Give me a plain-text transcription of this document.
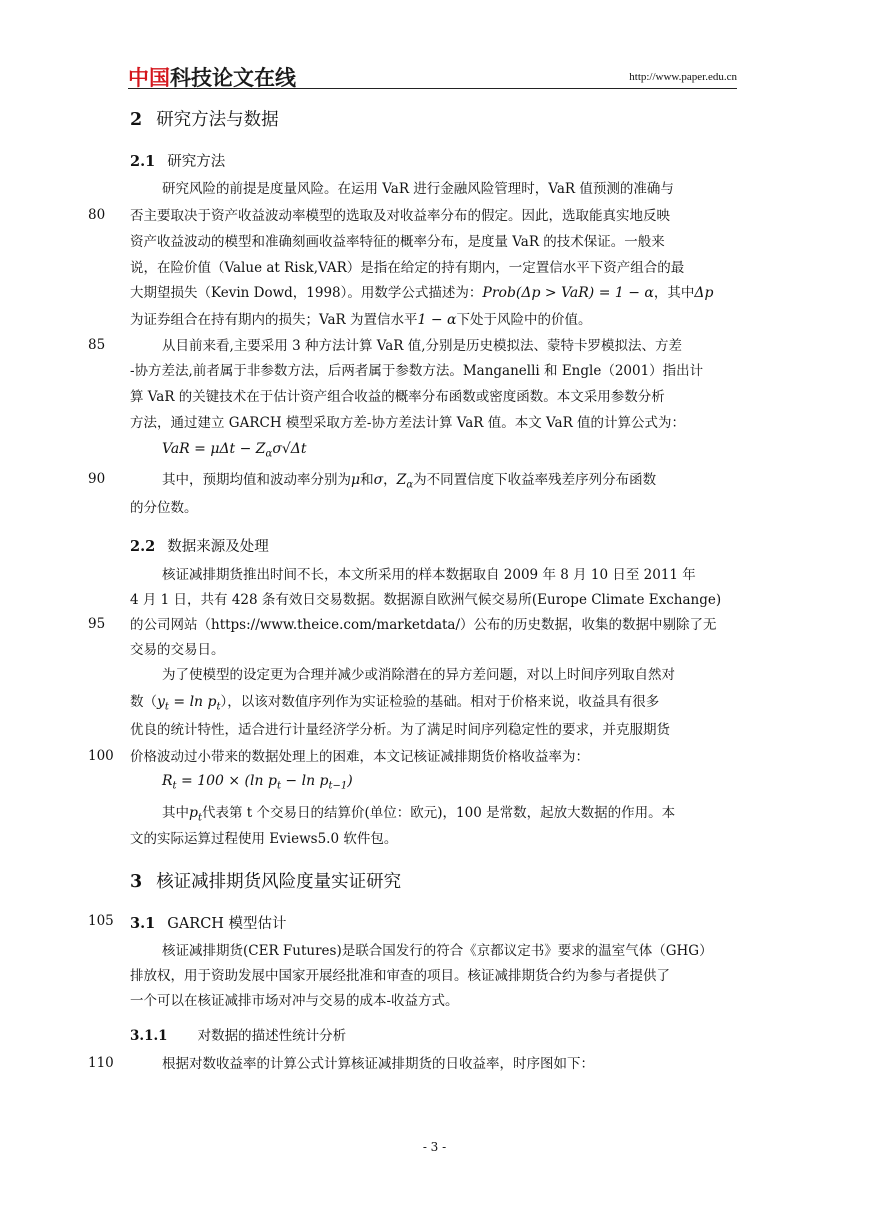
中国科技论文在线	http://www.paper.edu.cn
2 研究方法与数据
2.1 研究方法
研究风险的前提是度量风险。在运用 VaR 进行金融风险管理时，VaR 值预测的准确与
80 否主要取决于资产收益波动率模型的选取及对收益率分布的假定。因此，选取能真实地反映
资产收益波动的模型和准确刻画收益率特征的概率分布，是度量 VaR 的技术保证。一般来
说，在险价值（Value at Risk,VAR）是指在给定的持有期内，一定置信水平下资产组合的最
大期望损失（Kevin Dowd，1998）。用数学公式描述为：Prob(Δp > VaR) = 1 − α，其中Δp
为证券组合在持有期内的损失；VaR 为置信水平1 − α下处于风险中的价值。
85	从目前来看,主要采用 3 种方法计算 VaR 值,分别是历史模拟法、蒙特卡罗模拟法、方差
-协方差法,前者属于非参数方法，后两者属于参数方法。Manganelli 和 Engle（2001）指出计
算 VaR 的关键技术在于估计资产组合收益的概率分布函数或密度函数。本文采用参数分析
方法，通过建立 GARCH 模型采取方差-协方差法计算 VaR 值。本文 VaR 值的计算公式为：
VaR = $\mu\Delta t - Z_\alpha\sigma√\Delta t$
90	其中，预期均值和波动率分别为μ和σ，$Z_\alpha$为不同置信度下收益率残差序列分布函数
的分位数。
2.2 数据来源及处理
核证减排期货推出时间不长，本文所采用的样本数据取自 2009 年 8 月 10 日至 2011 年
4 月 1 日，共有 428 条有效日交易数据。数据源自欧洲气候交易所(Europe Climate Exchange)
95 的公司网站（https://www.theice.com/marketdata/）公布的历史数据，收集的数据中剔除了无
交易的交易日。
为了使模型的设定更为合理并减少或消除潜在的异方差问题，对以上时间序列取自然对
数$(y_t = \ln p_t)$，以该对数值序列作为实证检验的基础。相对于价格来说，收益具有很多
优良的统计特性，适合进行计量经济学分析。为了满足时间序列稳定性的要求，并克服期货
100 价格波动过小带来的数据处理上的困难，本文记核证减排期货价格收益率为：
$R_t = 100 \times (\ln$ $p_t - \ln p_{t-1}$)
其中$p_t$代表第 t 个交易日的结算价(单位：欧元)，100 是常数，起放大数据的作用。本
文的实际运算过程使用 Eviews5.0 软件包。
3 核证减排期货风险度量实证研究
105 3.1 GARCH 模型估计
核证减排期货(CER Futures)是联合国发行的符合《京都议定书》要求的温室气体（GHG）
排放权，用于资助发展中国家开展经批准和审查的项目。核证减排期货合约为参与者提供了
一个可以在核证减排市场对冲与交易的成本-收益方式。
3.1.1 对数据的描述性统计分析
110	根据对数收益率的计算公式计算核证减排期货的日收益率，时序图如下：
- 3 -
